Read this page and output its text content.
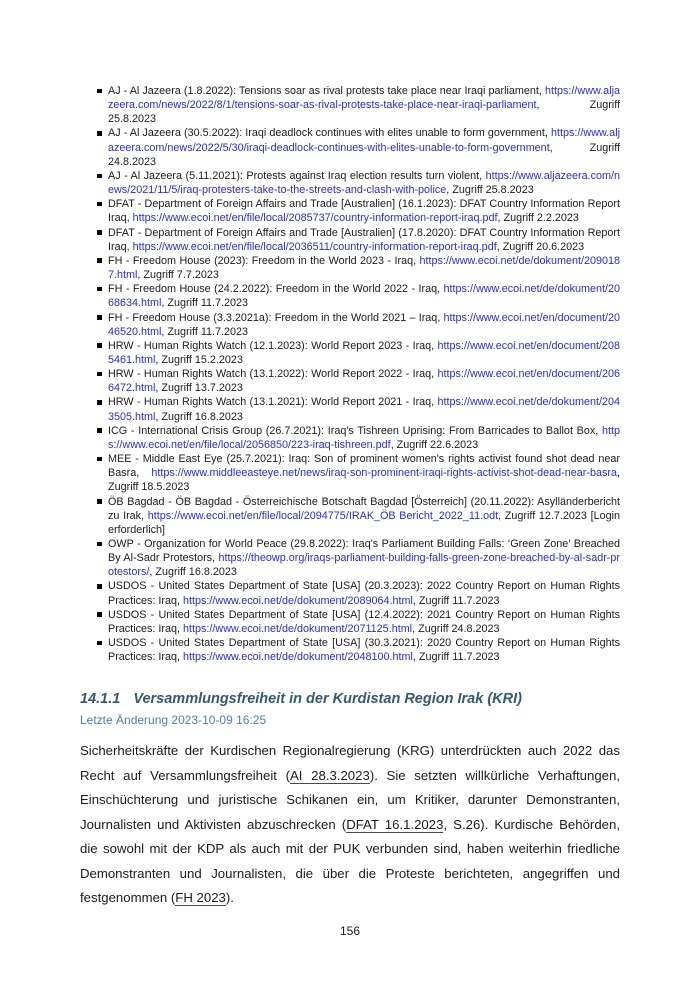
AJ - Al Jazeera (1.8.2022): Tensions soar as rival protests take place near Iraqi parliament, https://www.aljazeera.com/news/2022/8/1/tensions-soar-as-rival-protests-take-place-near-iraqi-parliament, Zugriff 25.8.2023
AJ - Al Jazeera (30.5.2022): Iraqi deadlock continues with elites unable to form government, https://www.aljazeera.com/news/2022/5/30/iraqi-deadlock-continues-with-elites-unable-to-form-government, Zugriff 24.8.2023
AJ - Al Jazeera (5.11.2021): Protests against Iraq election results turn violent, https://www.aljazeera.com/news/2021/11/5/iraq-protesters-take-to-the-streets-and-clash-with-police, Zugriff 25.8.2023
DFAT - Department of Foreign Affairs and Trade [Australien] (16.1.2023): DFAT Country Information Report Iraq, https://www.ecoi.net/en/file/local/2085737/country-information-report-iraq.pdf, Zugriff 2.2.2023
DFAT - Department of Foreign Affairs and Trade [Australien] (17.8.2020): DFAT Country Information Report Iraq, https://www.ecoi.net/en/file/local/2036511/country-information-report-iraq.pdf, Zugriff 20.6.2023
FH - Freedom House (2023): Freedom in the World 2023 - Iraq, https://www.ecoi.net/de/dokument/2090187.html, Zugriff 7.7.2023
FH - Freedom House (24.2.2022): Freedom in the World 2022 - Iraq, https://www.ecoi.net/de/dokument/2068634.html, Zugriff 11.7.2023
FH - Freedom House (3.3.2021a): Freedom in the World 2021 – Iraq, https://www.ecoi.net/en/document/2046520.html, Zugriff 11.7.2023
HRW - Human Rights Watch (12.1.2023): World Report 2023 - Iraq, https://www.ecoi.net/en/document/2085461.html, Zugriff 15.2.2023
HRW - Human Rights Watch (13.1.2022): World Report 2022 - Iraq, https://www.ecoi.net/en/document/2066472.html, Zugriff 13.7.2023
HRW - Human Rights Watch (13.1.2021): World Report 2021 - Iraq, https://www.ecoi.net/de/dokument/2043505.html, Zugriff 16.8.2023
ICG - International Crisis Group (26.7.2021): Iraq's Tishreen Uprising: From Barricades to Ballot Box, https://www.ecoi.net/en/file/local/2056850/223-iraq-tishreen.pdf, Zugriff 22.6.2023
MEE - Middle East Eye (25.7.2021): Iraq: Son of prominent women's rights activist found shot dead near Basra, https://www.middleeasteye.net/news/iraq-son-prominent-iraqi-rights-activist-shot-dead-near-basra, Zugriff 18.5.2023
ÖB Bagdad - ÖB Bagdad - Österreichische Botschaft Bagdad [Österreich] (20.11.2022): Asylländerbericht zu Irak, https://www.ecoi.net/en/file/local/2094775/IRAK_ÖB Bericht_2022_11.odt, Zugriff 12.7.2023 [Login erforderlich]
OWP - Organization for World Peace (29.8.2022): Iraq's Parliament Building Falls: ‘Green Zone’ Breached By Al-Sadr Protestors, https://theowp.org/iraqs-parliament-building-falls-green-zone-breached-by-al-sadr-protestors/, Zugriff 16.8.2023
USDOS - United States Department of State [USA] (20.3.2023): 2022 Country Report on Human Rights Practices: Iraq, https://www.ecoi.net/de/dokument/2089064.html, Zugriff 11.7.2023
USDOS - United States Department of State [USA] (12.4.2022): 2021 Country Report on Human Rights Practices: Iraq, https://www.ecoi.net/de/dokument/2071125.html, Zugriff 24.8.2023
USDOS - United States Department of State [USA] (30.3.2021): 2020 Country Report on Human Rights Practices: Iraq, https://www.ecoi.net/de/dokument/2048100.html, Zugriff 11.7.2023
14.1.1 Versammlungsfreiheit in der Kurdistan Region Irak (KRI)
Letzte Änderung 2023-10-09 16:25

Sicherheitskräfte der Kurdischen Regionalregierung (KRG) unterdrückten auch 2022 das Recht auf Versammlungsfreiheit (AI 28.3.2023). Sie setzten willkürliche Verhaftungen, Einschüchterung und juristische Schikanen ein, um Kritiker, darunter Demonstranten, Journalisten und Aktivisten abzuschrecken (DFAT 16.1.2023, S.26). Kurdische Behörden, die sowohl mit der KDP als auch mit der PUK verbunden sind, haben weiterhin friedliche Demonstranten und Journalisten, die über die Proteste berichteten, angegriffen und festgenommen (FH 2023).

156
